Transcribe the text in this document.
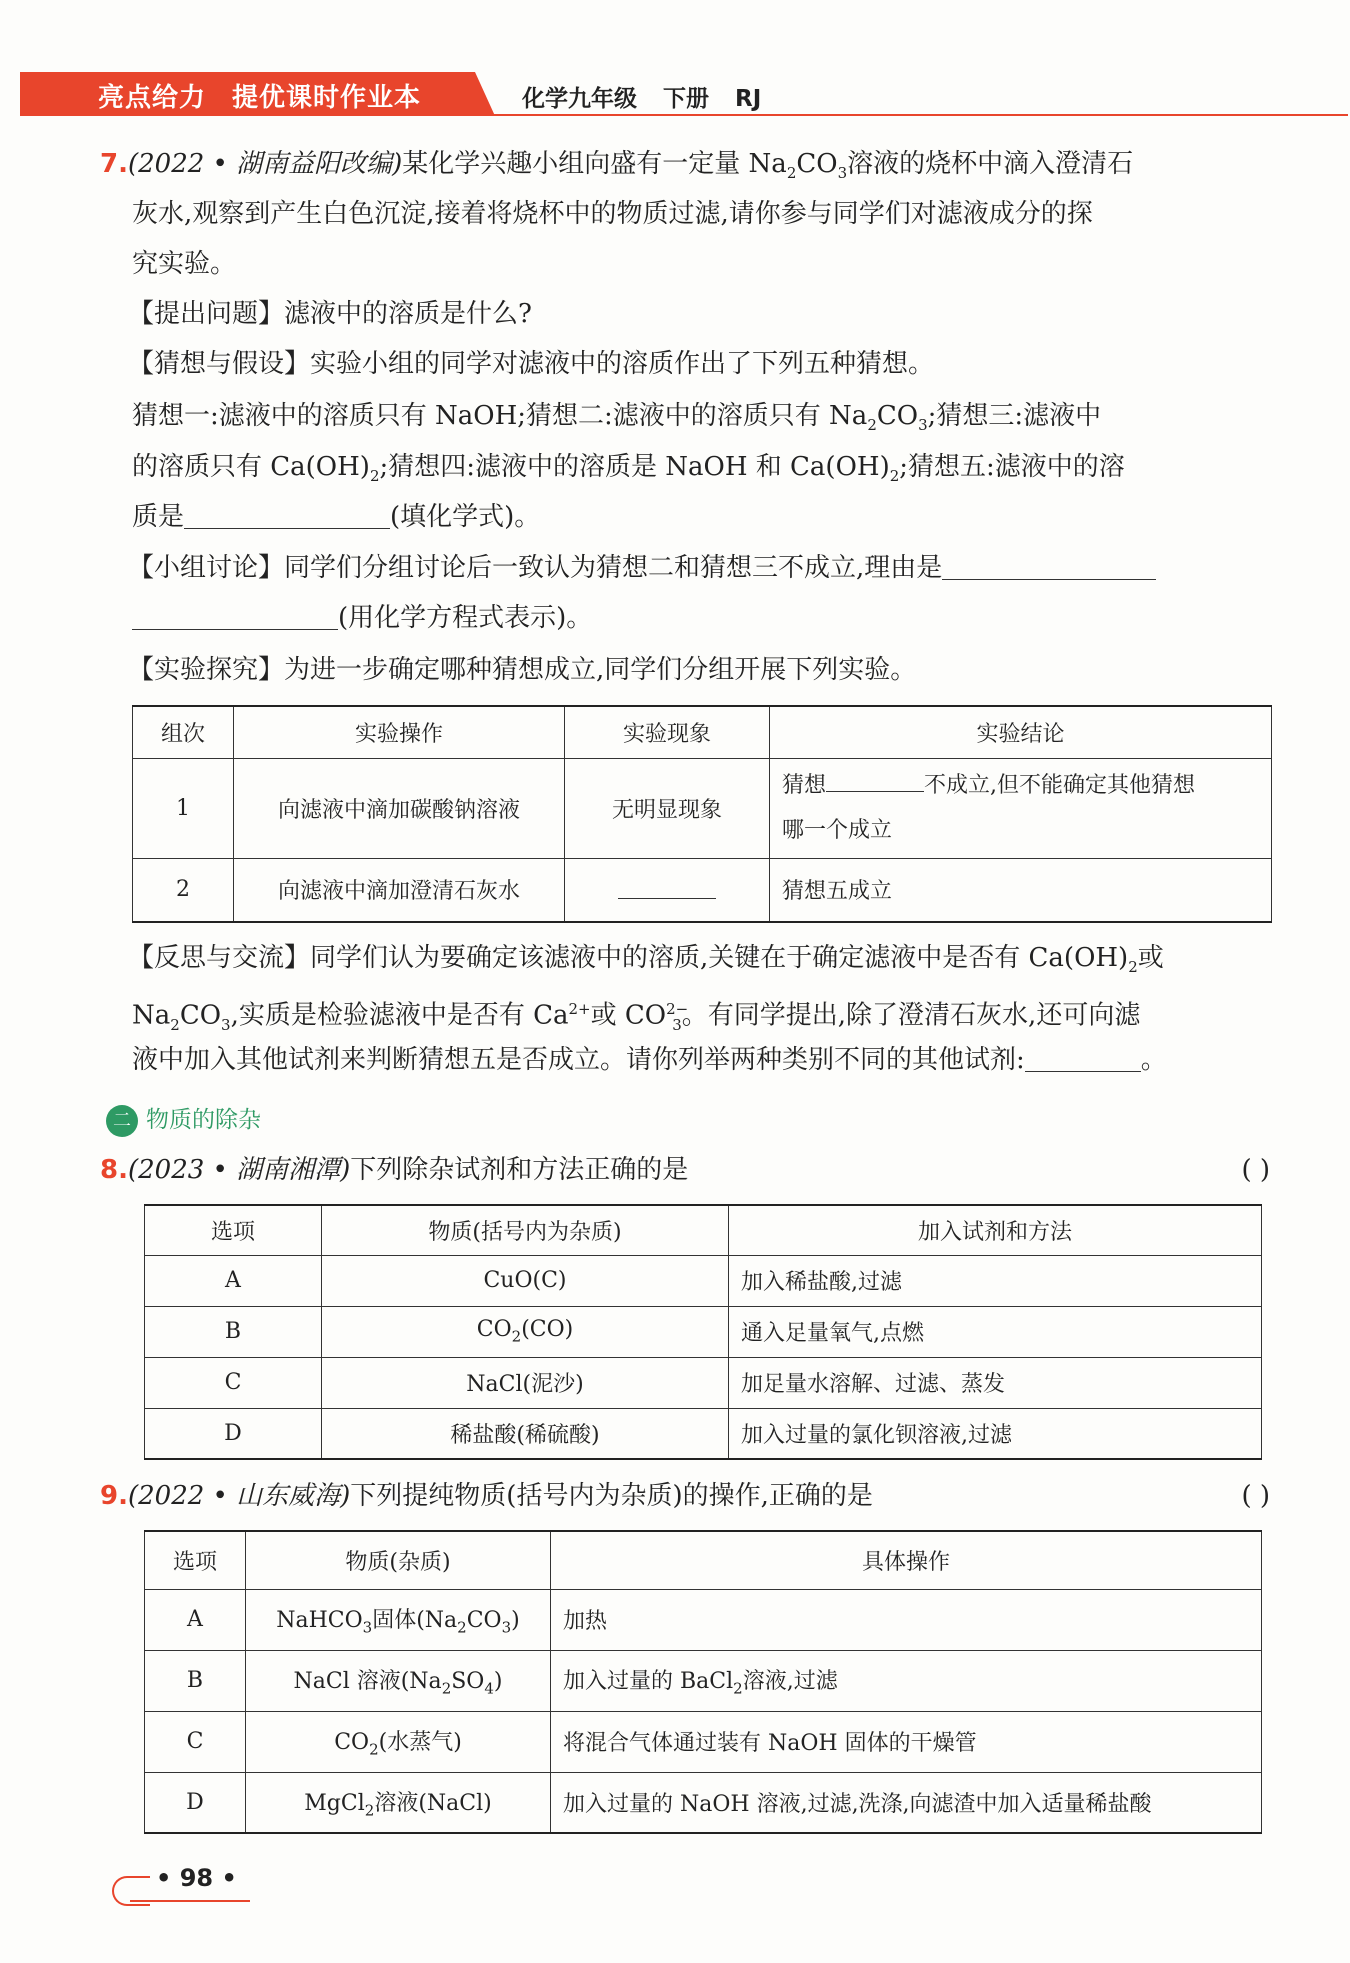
亮点给力 提优课时作业本	化学九年级 下册 RJ
7.(2022 • 湖南益阳改编)某化学兴趣小组向盛有一定量 $Na_2CO_3$溶液的烧杯中滴入澄清石
灰水,观察到产生白色沉淀,接着将烧杯中的物质过滤,请你参与同学们对滤液成分的探
究实验。
【提出问题】滤液中的溶质是什么?
【猜想与假设】实验小组的同学对滤液中的溶质作出了下列五种猜想。
猜想一:滤液中的溶质只有 NaOH;猜想二:滤液中的溶质只有 $Na_2CO_3$;猜想三:滤液中
的溶质只有 $Ca(OH)_2$;猜想四:滤液中的溶质是 NaOH 和 $Ca(OH)_2$;猜想五:滤液中的溶
质是	(填化学式)。
【小组讨论】同学们分组讨论后一致认为猜想二和猜想三不成立,理由是
(用化学方程式表示)。
【实验探究】为进一步确定哪种猜想成立,同学们分组开展下列实验。
组次	实验操作	实验现象	实验结论
1	向滤液中滴加碳酸钠溶液	无明显现象	猜想 不成立,但不能确定其他猜想
哪一个成立
2	向滤液中滴加澄清石灰水		猜想五成立
【反思与交流】同学们认为要确定该滤液中的溶质,关键在于确定滤液中是否有 $Ca(OH)_2$或
$Na_2CO_3$,实质是检验滤液中是否有 $Ca^{2+}$或 $CO^{2-}_3$。有同学提出,除了澄清石灰水,还可向滤
液中加入其他试剂来判断猜想五是否成立。请你列举两种类别不同的其他试剂:	。
二 物质的除杂
8.(2023 • 湖南湘潭)下列除杂试剂和方法正确的是	( )
选项	物质(括号内为杂质)	加入试剂和方法
A	CuO(C)	加入稀盐酸,过滤
B	$CO_2(CO)$	通入足量氧气,点燃
C	NaCl(泥沙)	加足量水溶解、过滤、蒸发
D	稀盐酸(稀硫酸)	加入过量的氯化钡溶液,过滤
9.(2022 • 山东威海)下列提纯物质(括号内为杂质)的操作,正确的是	( )
选项	物质(杂质)	具体操作
A	NaHCO$_3$固体$(Na_2CO_3)$	加热
B	NaCl 溶液$(Na_2SO_4)$	加入过量的 BaCl$_2$溶液,过滤
C	$CO_2$(水蒸气)	将混合气体通过装有 NaOH 固体的干燥管
D	MgCl$_2$溶液(NaCl)	加入过量的 NaOH 溶液,过滤,洗涤,向滤渣中加入适量稀盐酸
• 98 •
